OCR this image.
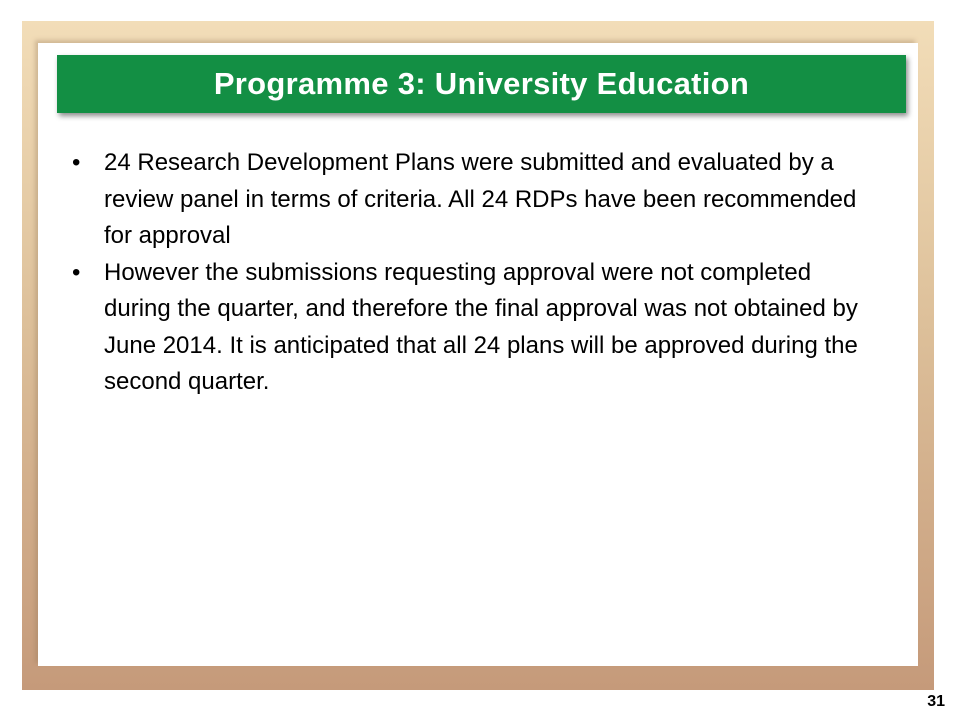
Programme 3: University Education
• 24 Research Development Plans were submitted and evaluated by a review panel in terms of criteria. All 24 RDPs have been recommended for approval
• However the submissions requesting approval were not completed during the quarter, and therefore the final approval was not obtained by June 2014. It is anticipated that all 24 plans will be approved during the second quarter.
31
